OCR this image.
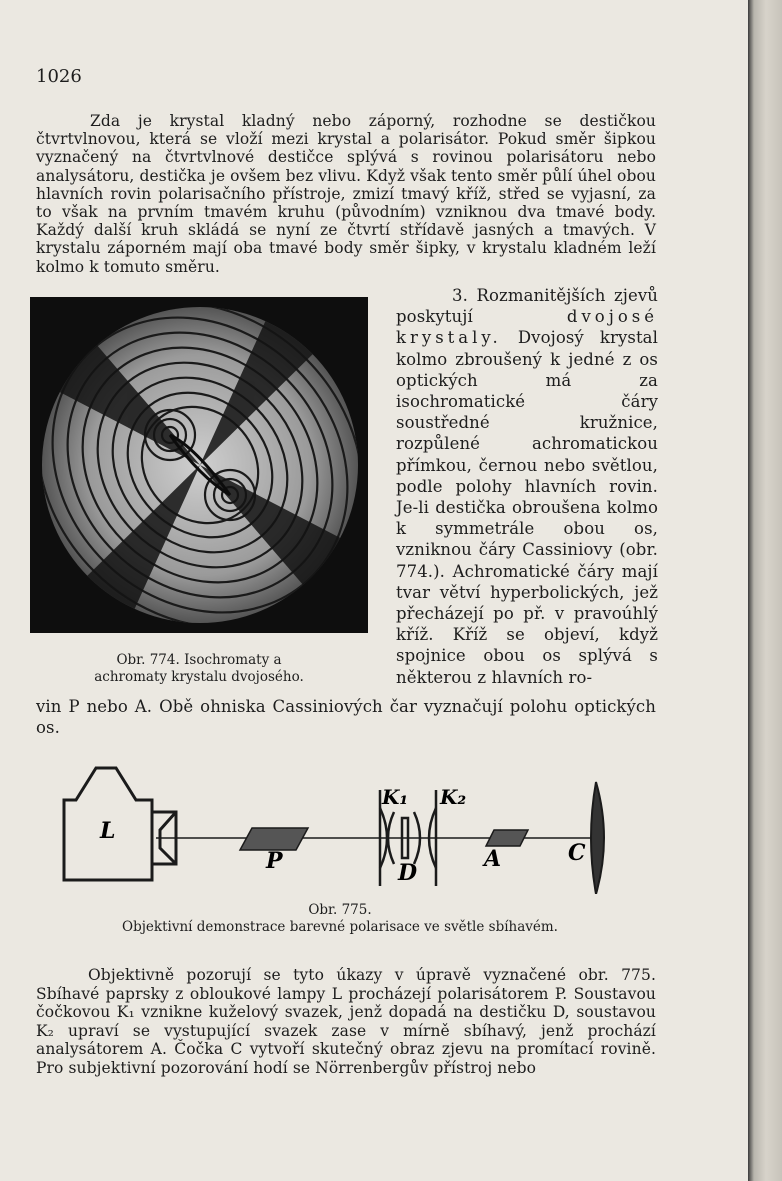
1026
Zda je krystal kladný nebo záporný, rozhodne se destičkou čtvrtvlnovou, která se vloží mezi krystal a polarisátor. Pokud směr šipkou vyznačený na čtvrtvlnové destičce splývá s rovinou polarisátoru nebo analysátoru, destička je ovšem bez vlivu. Když však tento směr půlí úhel obou hlavních rovin polarisačního přístroje, zmizí tmavý kříž, střed se vyjasní, za to však na prvním tmavém kruhu (původním) vzniknou dva tmavé body. Každý další kruh skládá se nyní ze čtvrtí střídavě jasných a tmavých. V krystalu záporném mají oba tmavé body směr šipky, v krystalu kladném leží kolmo k tomuto směru.
Obr. 774. Isochromaty a
achromaty krystalu dvojosého.
3. Rozmanitějších zjevů poskytují	dvojosé krystaly. Dvojosý krystal kolmo zbroušený k jedné z os optických má za isochromatické čáry soustředné kružnice, rozpůlené achromatickou přímkou, černou nebo světlou, podle polohy hlavních rovin. Je-li destička obroušena kolmo k symmetrále obou os, vzniknou čáry Cassiniovy (obr. 774.). Achromatické čáry mají tvar větví hyperbolických, jež přecházejí po př. v pravoúhlý kříž. Kříž se objeví, když spojnice obou os splývá s některou z hlavních ro-
vin P nebo A. Obě ohniska Cassiniových čar vyznačují polohu optických os.
L
P
K₁ K₂
D
A	C
Obr. 775.
Objektivní demonstrace barevné polarisace ve světle sbíhavém.
Objektivně pozorují se tyto úkazy v úpravě vyznačené obr. 775. Sbíhavé paprsky z obloukové lampy L procházejí polarisátorem P. Soustavou čočkovou K₁ vznikne kuželový svazek, jenž dopadá na destičku D, soustavou K₂ upraví se vystupující svazek zase v mírně sbíhavý, jenž prochází analysátorem A. Čočka C vytvoří skutečný obraz zjevu na promítací rovině. Pro subjektivní pozorování hodí se Nörrenbergův přístroj nebo
